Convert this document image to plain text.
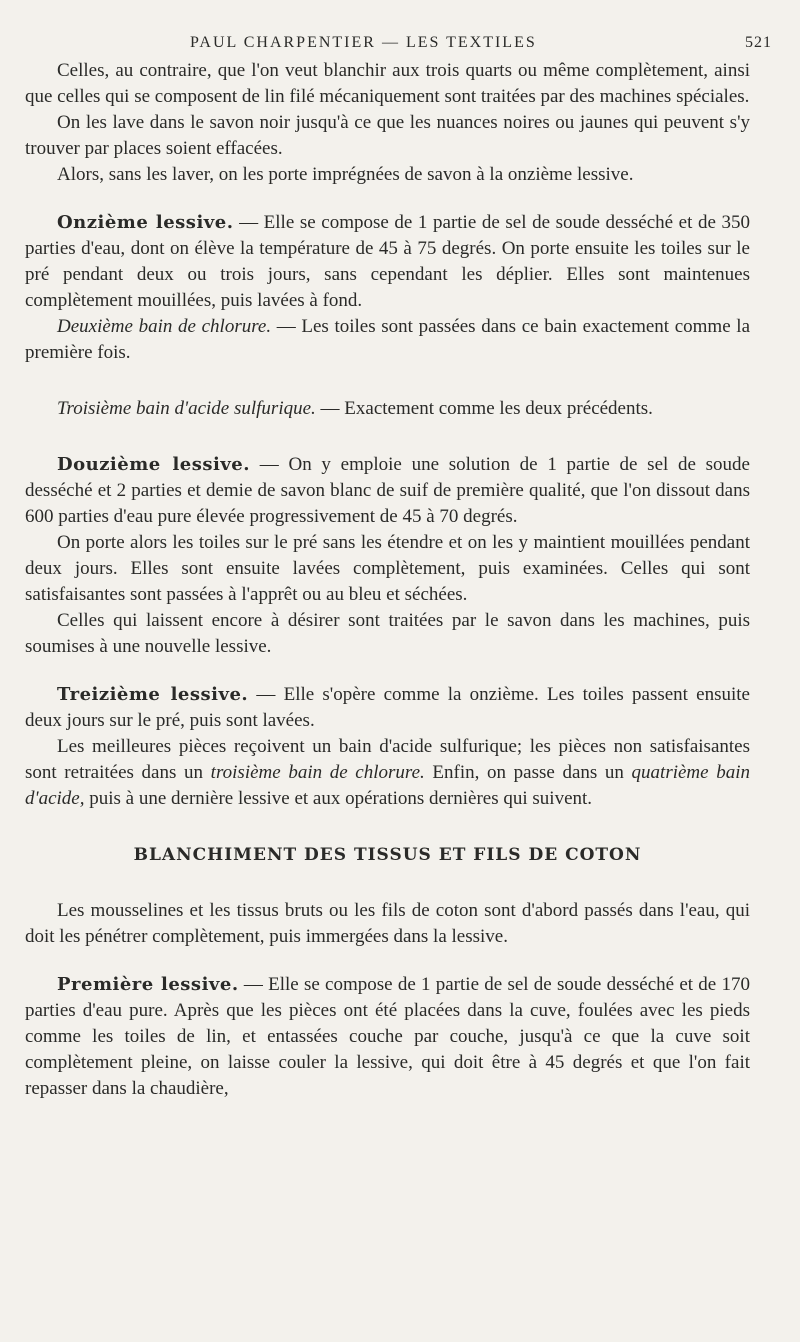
PAUL CHARPENTIER — LES TEXTILES	521

Celles, au contraire, que l'on veut blanchir aux trois quarts ou même complètement, ainsi que celles qui se composent de lin filé mécaniquement sont traitées par des machines spéciales.

On les lave dans le savon noir jusqu'à ce que les nuances noires ou jaunes qui peuvent s'y trouver par places soient effacées.

Alors, sans les laver, on les porte imprégnées de savon à la onzième lessive.

Onzième lessive. — Elle se compose de 1 partie de sel de soude desséché et de 350 parties d'eau, dont on élève la température de 45 à 75 degrés. On porte ensuite les toiles sur le pré pendant deux ou trois jours, sans cependant les déplier. Elles sont maintenues complètement mouillées, puis lavées à fond.

Deuxième bain de chlorure. — Les toiles sont passées dans ce bain exactement comme la première fois.

Troisième bain d'acide sulfurique. — Exactement comme les deux précédents.

Douzième lessive. — On y emploie une solution de 1 partie de sel de soude desséché et 2 parties et demie de savon blanc de suif de première qualité, que l'on dissout dans 600 parties d'eau pure élevée progressivement de 45 à 70 degrés.

On porte alors les toiles sur le pré sans les étendre et on les y maintient mouillées pendant deux jours. Elles sont ensuite lavées complètement, puis examinées. Celles qui sont satisfaisantes sont passées à l'apprêt ou au bleu et séchées.

Celles qui laissent encore à désirer sont traitées par le savon dans les machines, puis soumises à une nouvelle lessive.

Treizième lessive. — Elle s'opère comme la onzième. Les toiles passent ensuite deux jours sur le pré, puis sont lavées.

Les meilleures pièces reçoivent un bain d'acide sulfurique; les pièces non satisfaisantes sont retraitées dans un troisième bain de chlorure. Enfin, on passe dans un quatrième bain d'acide, puis à une dernière lessive et aux opérations dernières qui suivent.

BLANCHIMENT DES TISSUS ET FILS DE COTON

Les mousselines et les tissus bruts ou les fils de coton sont d'abord passés dans l'eau, qui doit les pénétrer complètement, puis immergées dans la lessive.

Première lessive. — Elle se compose de 1 partie de sel de soude desséché et de 170 parties d'eau pure. Après que les pièces ont été placées dans la cuve, foulées avec les pieds comme les toiles de lin, et entassées couche par couche, jusqu'à ce que la cuve soit complètement pleine, on laisse couler la lessive, qui doit être à 45 degrés et que l'on fait repasser dans la chaudière,
